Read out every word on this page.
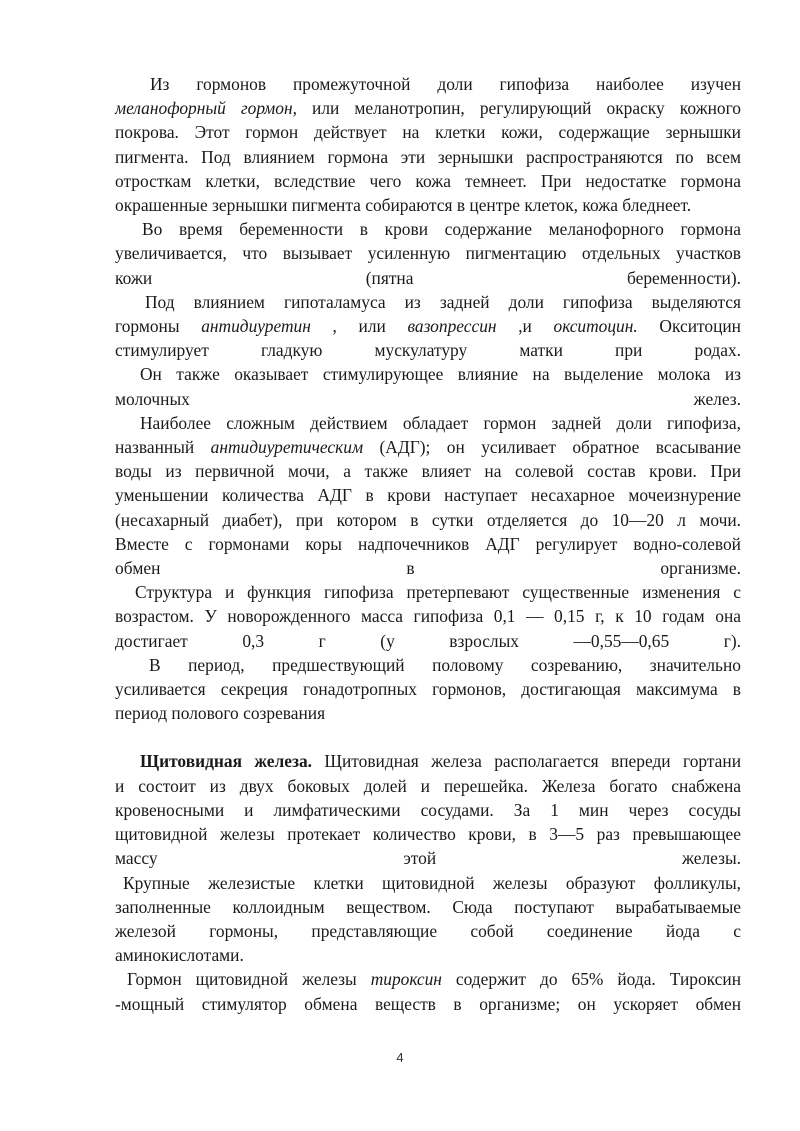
Из гормонов промежуточной доли гипофиза наиболее изучен

меланофорный гормон, или меланотропин, регулирующий окраску кожного

покрова. Этот гормон действует на клетки кожи, содержащие зернышки

пигмента. Под влиянием гормона эти зернышки распространяются по всем

отросткам клетки, вследствие чего кожа темнеет. При недостатке гормона

окрашенные зернышки пигмента собираются в центре клеток, кожа бледнеет.

Во время беременности в крови содержание меланофорного гормона

увеличивается, что вызывает усиленную пигментацию отдельных участков

кожи (пятна беременности).

Под влиянием гипоталамуса из задней доли гипофиза выделяются

гормоны антидиуретин , или вазопрессин ,и окситоцин. Окситоцин

стимулирует гладкую мускулатуру матки при родах.

Он также оказывает стимулирующее влияние на выделение молока из

молочных желез.

Наиболее сложным действием обладает гормон задней доли гипофиза,

названный антидиуретическим (АДГ); он усиливает обратное всасывание

воды из первичной мочи, а также влияет на солевой состав крови. При

уменьшении количества АДГ в крови наступает несахарное мочеизнурение

(несахарный диабет), при котором в сутки отделяется до 10—20 л мочи.

Вместе с гормонами коры надпочечников АДГ регулирует водно-солевой

обмен в организме.

Структура и функция гипофиза претерпевают существенные изменения с

возрастом. У новорожденного масса гипофиза 0,1 — 0,15 г, к 10 годам она

достигает 0,3 г (у взрослых —0,55—0,65 г).

В период, предшествующий половому созреванию, значительно

усиливается секреция гонадотропных гормонов, достигающая максимума в

период полового созревания

Щитовидная железа. Щитовидная железа располагается впереди гортани

и состоит из двух боковых долей и перешейка. Железа богато снабжена

кровеносными и лимфатическими сосудами. За 1 мин через сосуды

щитовидной железы протекает количество крови, в 3—5 раз превышающее

массу этой железы.

Крупные железистые клетки щитовидной железы образуют фолликулы,

заполненные коллоидным веществом. Сюда поступают вырабатываемые

железой гормоны, представляющие собой соединение йода с

аминокислотами.

Гормон щитовидной железы тироксин содержит до 65% йода. Тироксин

-мощный стимулятор обмена веществ в организме; он ускоряет обмен

4
